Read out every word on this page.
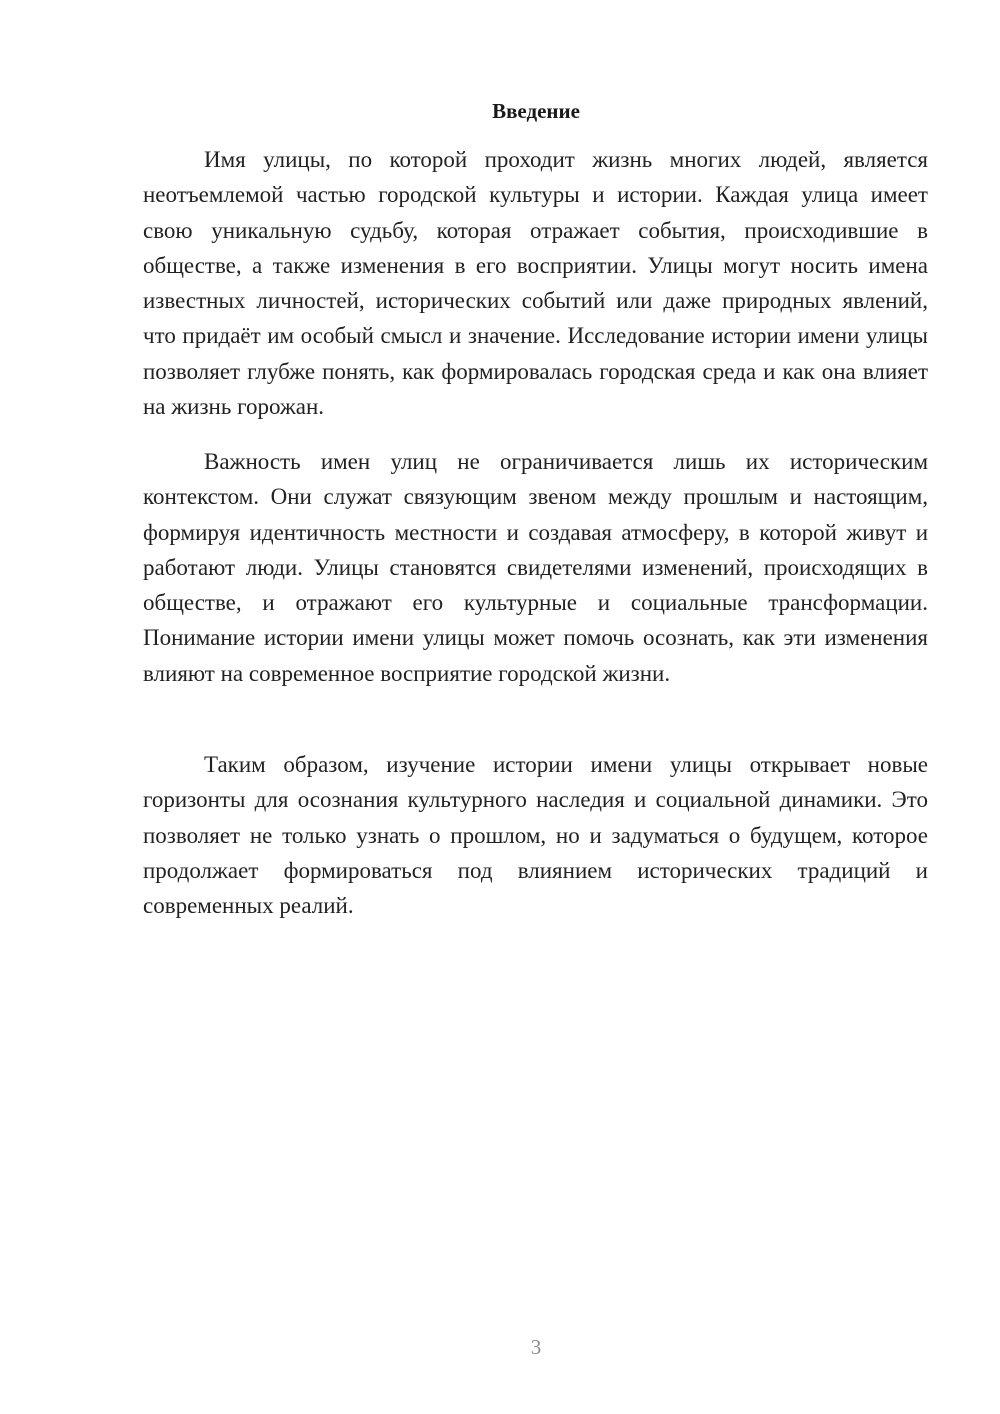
Введение

Имя улицы, по которой проходит жизнь многих людей, является неотъемлемой частью городской культуры и истории. Каждая улица имеет свою уникальную судьбу, которая отражает события, происходившие в обществе, а также изменения в его восприятии. Улицы могут носить имена известных личностей, исторических событий или даже природных явлений, что придаёт им особый смысл и значение. Исследование истории имени улицы позволяет глубже понять, как формировалась городская среда и как она влияет на жизнь горожан.

Важность имен улиц не ограничивается лишь их историческим контекстом. Они служат связующим звеном между прошлым и настоящим, формируя идентичность местности и создавая атмосферу, в которой живут и работают люди. Улицы становятся свидетелями изменений, происходящих в обществе, и отражают его культурные и социальные трансформации. Понимание истории имени улицы может помочь осознать, как эти изменения влияют на современное восприятие городской жизни.

Таким образом, изучение истории имени улицы открывает новые горизонты для осознания культурного наследия и социальной динамики. Это позволяет не только узнать о прошлом, но и задуматься о будущем, которое продолжает формироваться под влиянием исторических традиций и современных реалий.

3
